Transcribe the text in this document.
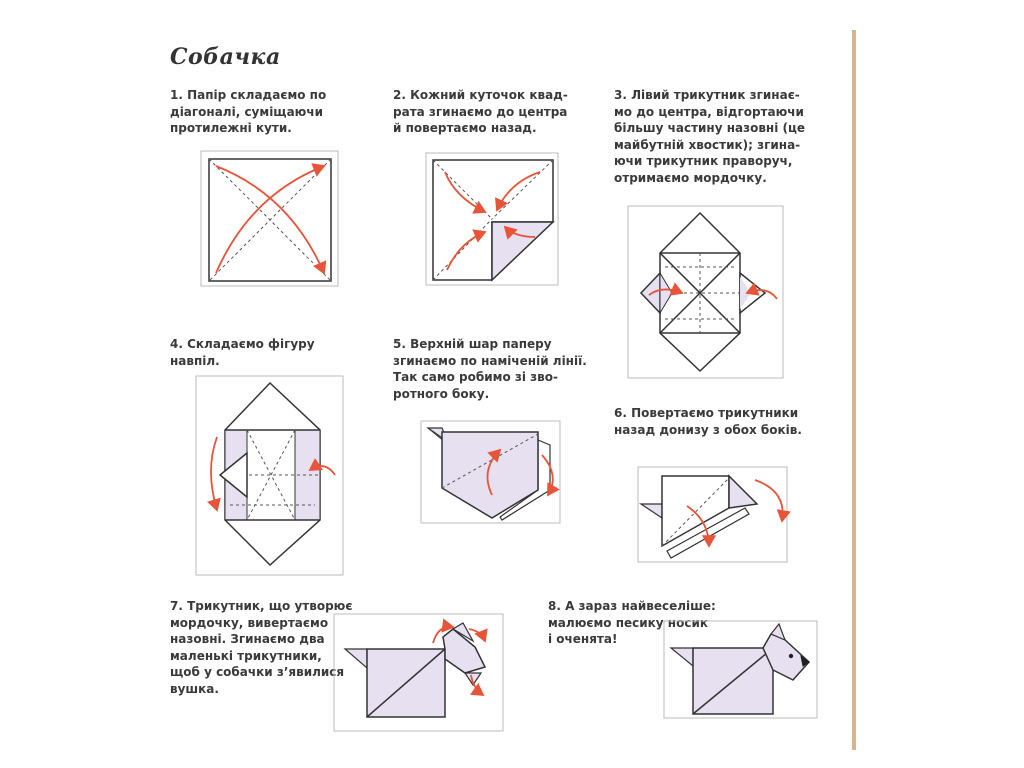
Собачка
1. Папір складаємо по
діагоналі, суміщаючи
протилежні кути.
2. Кожний куточок квад-
рата згинаємо до центра
й повертаємо назад.
3. Лівий трикутник згинає-
мо до центра, відгортаючи
більшу частину назовні (це
майбутній хвостик); згина-
ючи трикутник праворуч,
отримаємо мордочку.
4. Складаємо фігуру
навпіл.
5. Верхній шар паперу
згинаємо по наміченій лінії.
Так само робимо зі зво-
ротного боку.
6. Повертаємо трикутники
назад донизу з обох боків.
7. Трикутник, що утворює
мордочку, вивертаємо
назовні. Згинаємо два
маленькі трикутники,
щоб у собачки з’явилися
вушка.
8. А зараз найвеселіше:
малюємо песику носик
і оченята!
